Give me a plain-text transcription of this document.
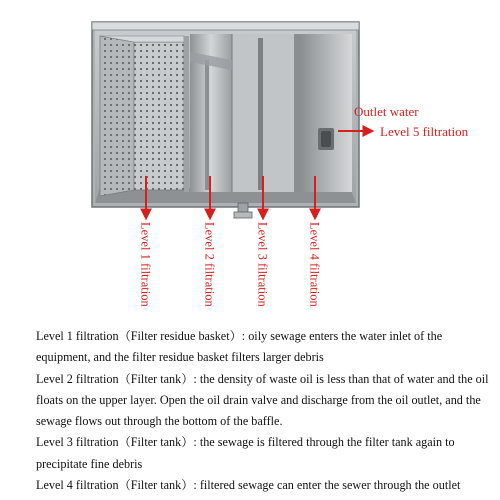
Outlet water
Level 5 filtration
Level 1 filtration	Level 2 filtration	Level 3 filtration	Level 4 filtration

Level 1 filtration（Filter residue basket）: oily sewage enters the water inlet of the equipment, and the filter residue basket filters larger debris

Level 2 filtration（Filter tank）: the density of waste oil is less than that of water and the oil floats on the upper layer. Open the oil drain valve and discharge from the oil outlet, and the sewage flows out through the bottom of the baffle.

Level 3 filtration（Filter tank）: the sewage is filtered through the filter tank again to precipitate fine debris

Level 4 filtration（Filter tank）: filtered sewage can enter the sewer through the outlet
